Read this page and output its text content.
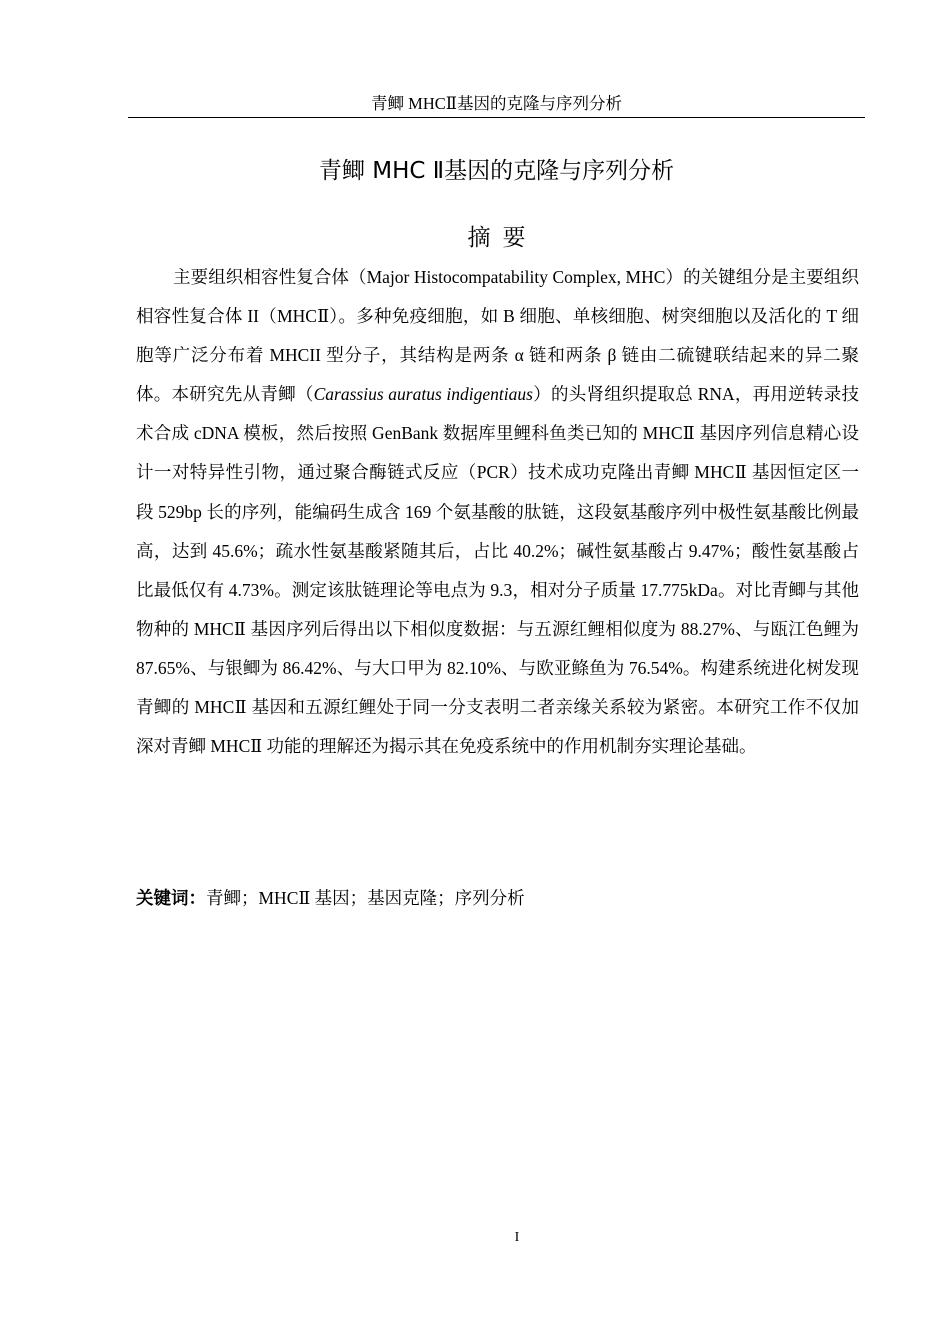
青鲫 MHCⅡ基因的克隆与序列分析
青鲫 MHC Ⅱ基因的克隆与序列分析
摘要

主要组织相容性复合体（Major Histocompatability Complex, MHC）的关键组分是主要组织相容性复合体 II（MHCⅡ）。多种免疫细胞，如 B 细胞、单核细胞、树突细胞以及活化的 T 细胞等广泛分布着 MHCII 型分子，其结构是两条 α 链和两条 β 链由二硫键联结起来的异二聚体。本研究先从青鲫（Carassius auratus indigentiaus）的头肾组织提取总 RNA，再用逆转录技术合成 cDNA 模板，然后按照 GenBank 数据库里鲤科鱼类已知的 MHCⅡ 基因序列信息精心设计一对特异性引物，通过聚合酶链式反应（PCR）技术成功克隆出青鲫 MHCⅡ 基因恒定区一段 529bp 长的序列，能编码生成含 169 个氨基酸的肽链，这段氨基酸序列中极性氨基酸比例最高，达到 45.6%；疏水性氨基酸紧随其后，占比 40.2%；碱性氨基酸占 9.47%；酸性氨基酸占比最低仅有 4.73%。测定该肽链理论等电点为 9.3，相对分子质量 17.775kDa。对比青鲫与其他物种的 MHCⅡ 基因序列后得出以下相似度数据：与五源红鲤相似度为 88.27%、与瓯江色鲤为 87.65%、与银鲫为 86.42%、与大口甲为 82.10%、与欧亚鲦鱼为 76.54%。构建系统进化树发现青鲫的 MHCⅡ 基因和五源红鲤处于同一分支表明二者亲缘关系较为紧密。本研究工作不仅加深对青鲫 MHCⅡ 功能的理解还为揭示其在免疫系统中的作用机制夯实理论基础。

关键词：青鲫；MHCⅡ 基因；基因克隆；序列分析
I
